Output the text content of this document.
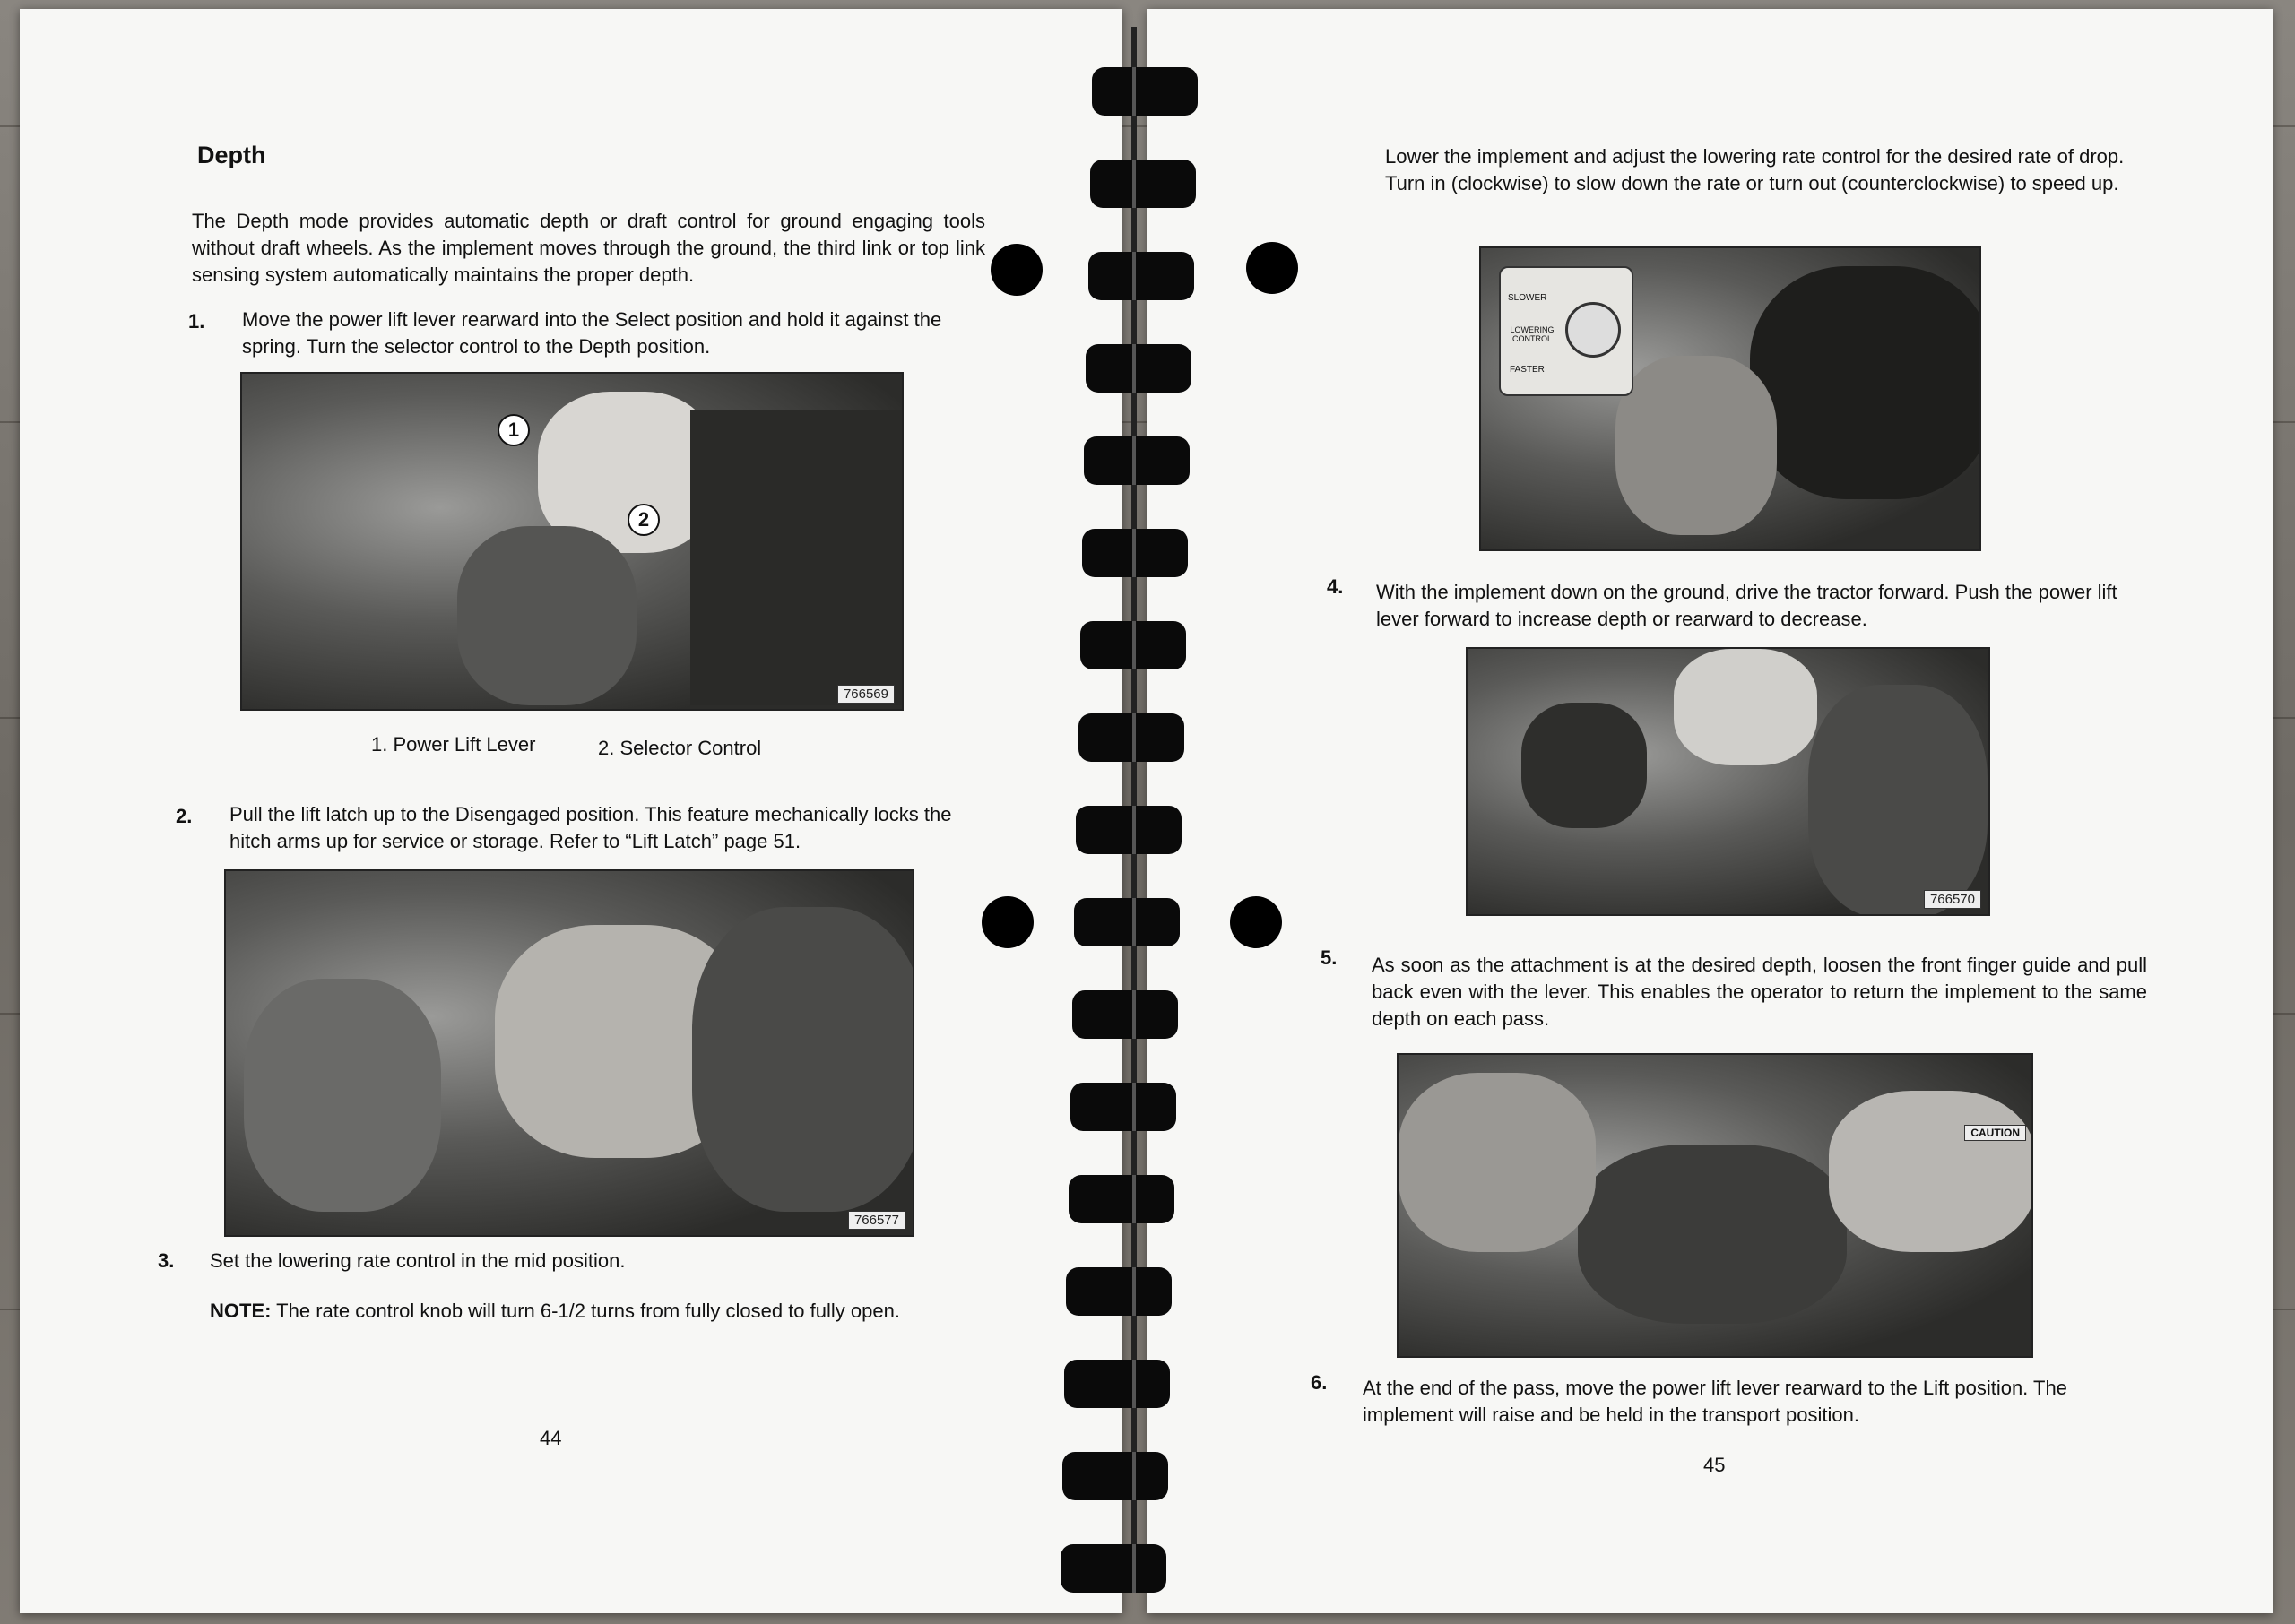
Depth
The Depth mode provides automatic depth or draft control for ground engaging tools without draft wheels. As the implement moves through the ground, the third link or top link sensing system automatically maintains the proper depth.
1. Move the power lift lever rearward into the Select position and hold it against the spring. Turn the selector control to the Depth position.
1
2
766569
1. Power Lift Lever	2. Selector Control
2. Pull the lift latch up to the Disengaged position. This feature mechanically locks the hitch arms up for service or storage. Refer to “Lift Latch” page 51.
766577
3. Set the lowering rate control in the mid position.
NOTE: The rate control knob will turn 6-1/2 turns from fully closed to fully open.
44
Lower the implement and adjust the lowering rate control for the desired rate of drop. Turn in (clockwise) to slow down the rate or turn out (counterclockwise) to speed up.
SLOWER
LOWERING CONTROL
FASTER
4. With the implement down on the ground, drive the tractor forward. Push the power lift lever forward to increase depth or rearward to decrease.
766570
5. As soon as the attachment is at the desired depth, loosen the front finger guide and pull back even with the lever. This enables the operator to return the implement to the same depth on each pass.
CAUTION
6. At the end of the pass, move the power lift lever rearward to the Lift position. The implement will raise and be held in the transport position.
45
